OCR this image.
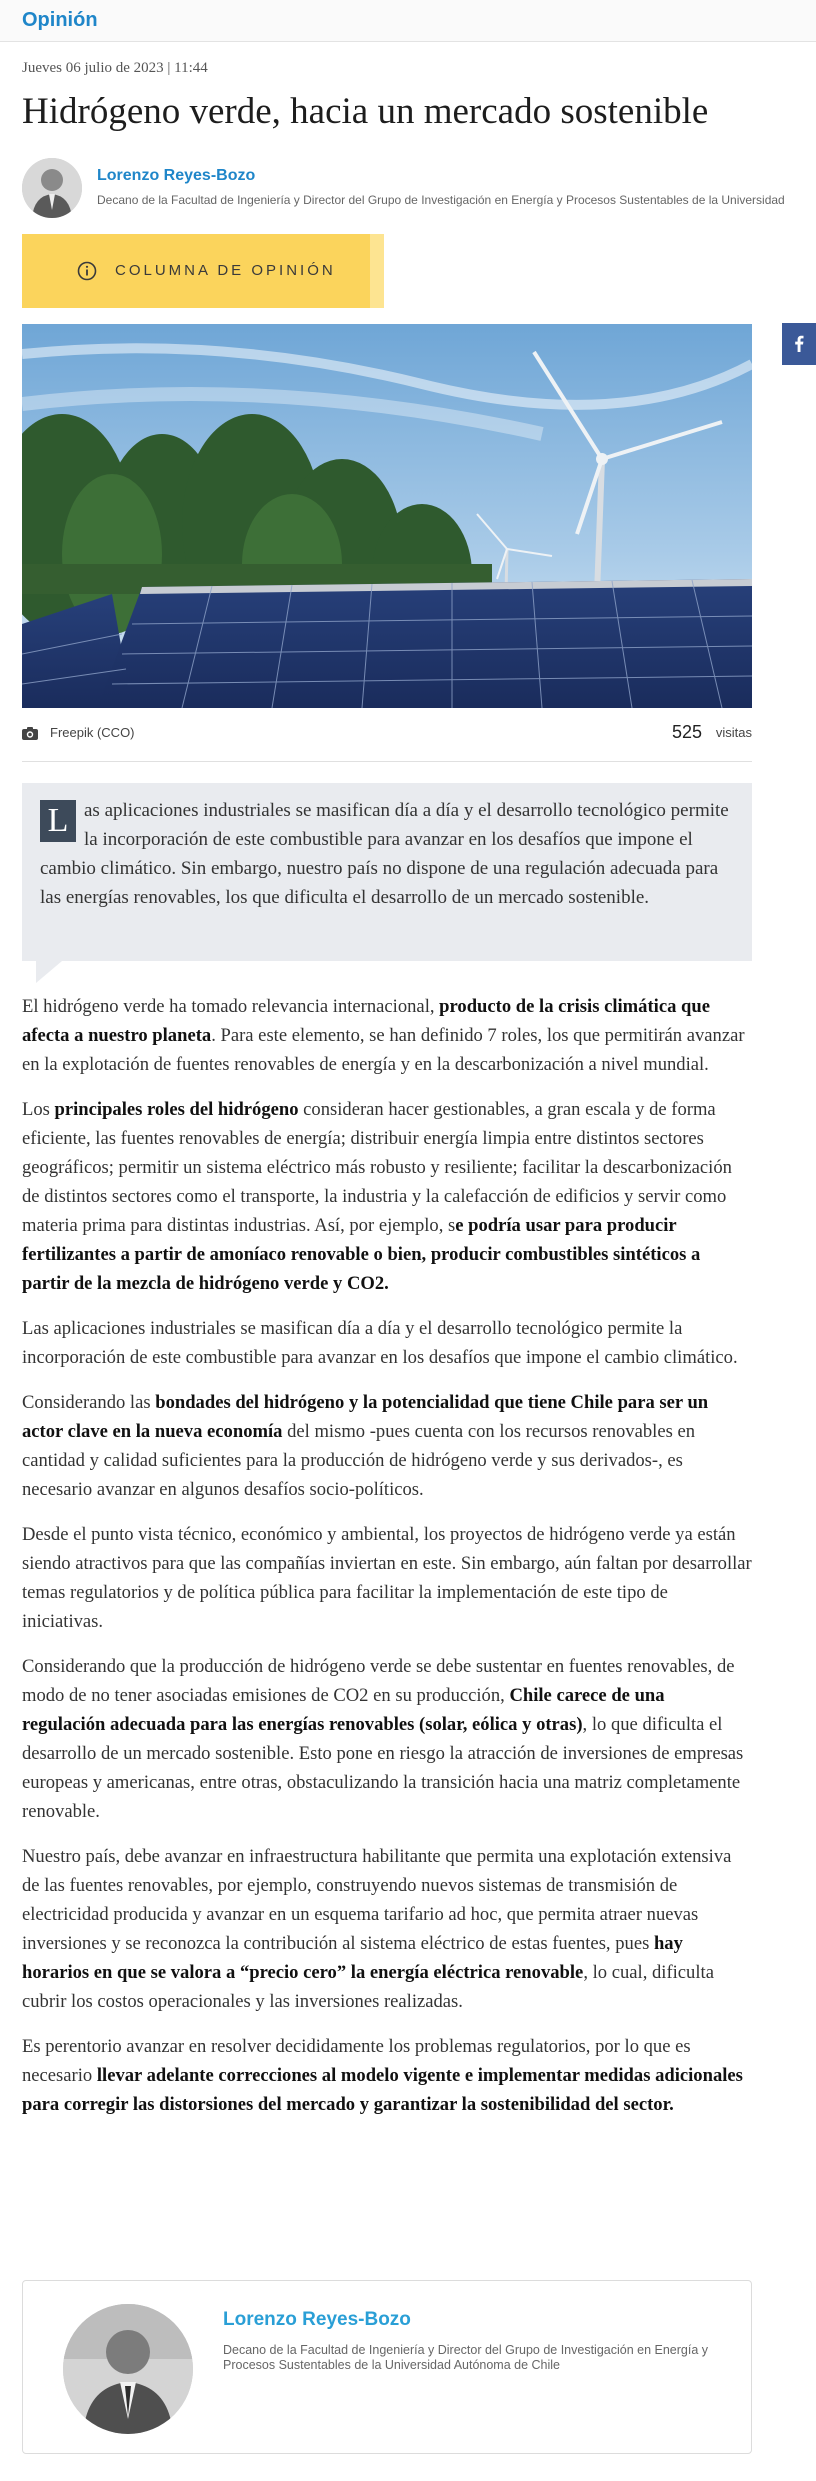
Opinión
Jueves 06 julio de 2023 | 11:44
Hidrógeno verde, hacia un mercado sostenible
Lorenzo Reyes-Bozo
Decano de la Facultad de Ingeniería y Director del Grupo de Investigación en Energía y Procesos Sustentables de la Universidad
COLUMNA DE OPINIÓN
Freepik (CCO)	525 visitas
L as aplicaciones industriales se masifican día a día y el desarrollo tecnológico permite la incorporación de este combustible para avanzar en los desafíos que impone el cambio climático. Sin embargo, nuestro país no dispone de una regulación adecuada para las energías renovables, los que dificulta el desarrollo de un mercado sostenible.

El hidrógeno verde ha tomado relevancia internacional, producto de la crisis climática que afecta a nuestro planeta. Para este elemento, se han definido 7 roles, los que permitirán avanzar en la explotación de fuentes renovables de energía y en la descarbonización a nivel mundial.

Los principales roles del hidrógeno consideran hacer gestionables, a gran escala y de forma eficiente, las fuentes renovables de energía; distribuir energía limpia entre distintos sectores geográficos; permitir un sistema eléctrico más robusto y resiliente; facilitar la descarbonización de distintos sectores como el transporte, la industria y la calefacción de edificios y servir como materia prima para distintas industrias. Así, por ejemplo, se podría usar para producir fertilizantes a partir de amoníaco renovable o bien, producir combustibles sintéticos a partir de la mezcla de hidrógeno verde y CO2.

Las aplicaciones industriales se masifican día a día y el desarrollo tecnológico permite la incorporación de este combustible para avanzar en los desafíos que impone el cambio climático.

Considerando las bondades del hidrógeno y la potencialidad que tiene Chile para ser un actor clave en la nueva economía del mismo -pues cuenta con los recursos renovables en cantidad y calidad suficientes para la producción de hidrógeno verde y sus derivados-, es necesario avanzar en algunos desafíos socio-políticos.

Desde el punto vista técnico, económico y ambiental, los proyectos de hidrógeno verde ya están siendo atractivos para que las compañías inviertan en este. Sin embargo, aún faltan por desarrollar temas regulatorios y de política pública para facilitar la implementación de este tipo de iniciativas.

Considerando que la producción de hidrógeno verde se debe sustentar en fuentes renovables, de modo de no tener asociadas emisiones de CO2 en su producción, Chile carece de una regulación adecuada para las energías renovables (solar, eólica y otras), lo que dificulta el desarrollo de un mercado sostenible. Esto pone en riesgo la atracción de inversiones de empresas europeas y americanas, entre otras, obstaculizando la transición hacia una matriz completamente renovable.

Nuestro país, debe avanzar en infraestructura habilitante que permita una explotación extensiva de las fuentes renovables, por ejemplo, construyendo nuevos sistemas de transmisión de electricidad producida y avanzar en un esquema tarifario ad hoc, que permita atraer nuevas inversiones y se reconozca la contribución al sistema eléctrico de estas fuentes, pues hay horarios en que se valora a “precio cero” la energía eléctrica renovable, lo cual, dificulta cubrir los costos operacionales y las inversiones realizadas.

Es perentorio avanzar en resolver decididamente los problemas regulatorios, por lo que es necesario llevar adelante correcciones al modelo vigente e implementar medidas adicionales para corregir las distorsiones del mercado y garantizar la sostenibilidad del sector.

Lorenzo Reyes-Bozo
Decano de la Facultad de Ingeniería y Director del Grupo de Investigación en Energía y Procesos Sustentables de la Universidad Autónoma de Chile
